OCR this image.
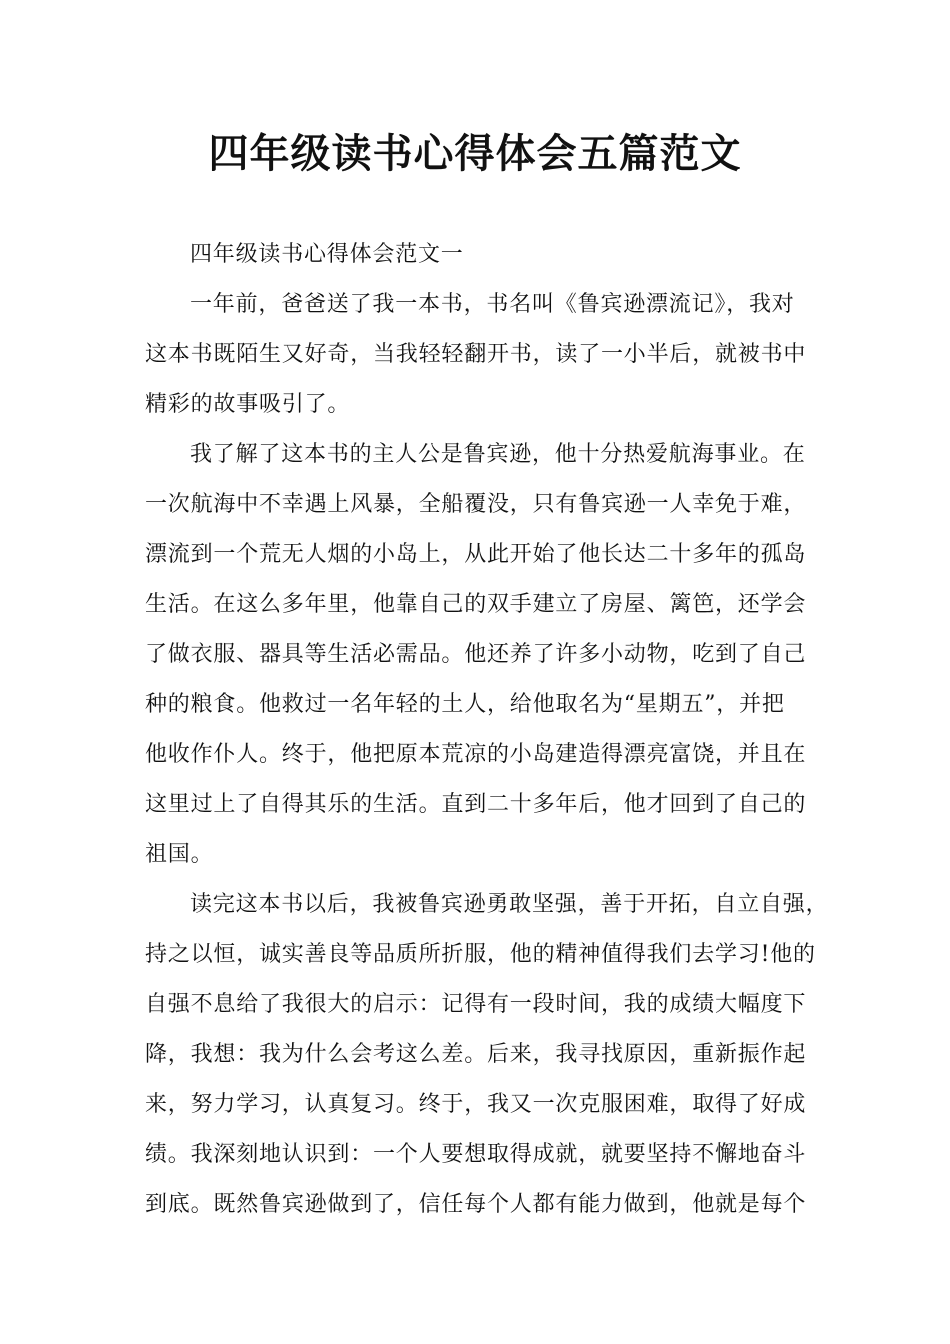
四年级读书心得体会五篇范文
四年级读书心得体会范文一
一年前，爸爸送了我一本书，书名叫《鲁宾逊漂流记》，我对
这本书既陌生又好奇，当我轻轻翻开书，读了一小半后，就被书中
精彩的故事吸引了。
我了解了这本书的主人公是鲁宾逊，他十分热爱航海事业。在
一次航海中不幸遇上风暴，全船覆没，只有鲁宾逊一人幸免于难，
漂流到一个荒无人烟的小岛上，从此开始了他长达二十多年的孤岛
生活。在这么多年里，他靠自己的双手建立了房屋、篱笆，还学会
了做衣服、器具等生活必需品。他还养了许多小动物，吃到了自己
种的粮食。他救过一名年轻的土人，给他取名为“星期五”，并把
他收作仆人。终于，他把原本荒凉的小岛建造得漂亮富饶，并且在
这里过上了自得其乐的生活。直到二十多年后，他才回到了自己的
祖国。
读完这本书以后，我被鲁宾逊勇敢坚强，善于开拓，自立自强，
持之以恒，诚实善良等品质所折服，他的精神值得我们去学习!他的
自强不息给了我很大的启示：记得有一段时间，我的成绩大幅度下
降，我想：我为什么会考这么差。后来，我寻找原因，重新振作起
来，努力学习，认真复习。终于，我又一次克服困难，取得了好成
绩。我深刻地认识到：一个人要想取得成就，就要坚持不懈地奋斗
到底。既然鲁宾逊做到了，信任每个人都有能力做到，他就是每个
